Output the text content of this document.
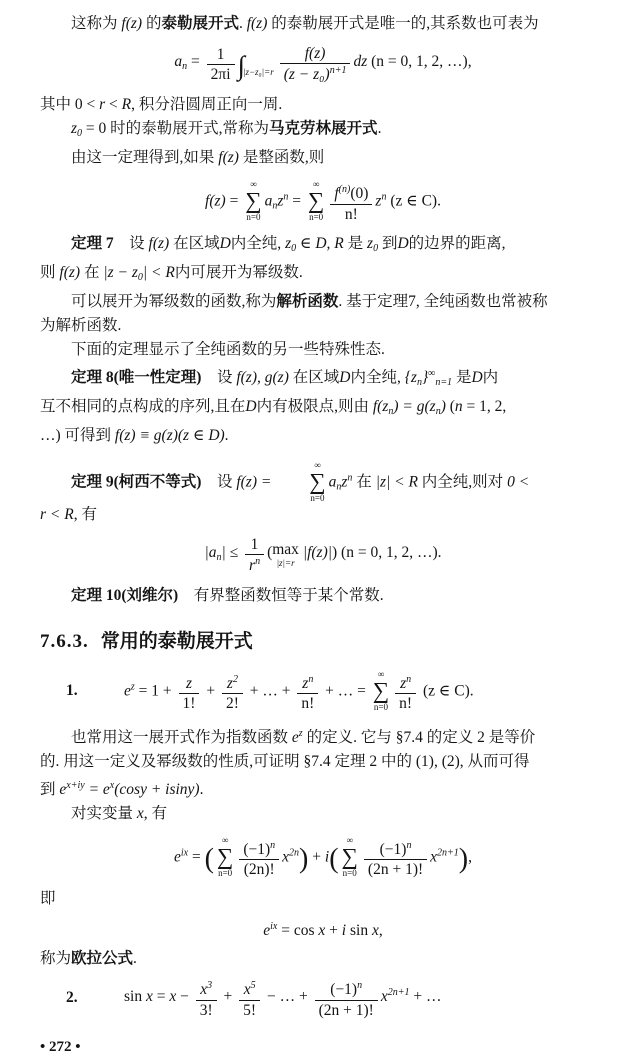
这称为 f(z) 的泰勒展开式. f(z) 的泰勒展开式是唯一的,其系数也可表为
an = $\frac{1}{2\pi i} \int_{|z-z_0|=r} \frac{f(z)}{(z - z_0)^{n+1}}$ dz (n = 0, 1, 2, …),
其中 0 < r < R, 积分沿圆周正向一周.
z0 = 0 时的泰勒展开式,常称为马克劳林展开式.
由这一定理得到,如果 f(z) 是整函数,则
f(z) =
∞
∑
n=0
anz$^n$ =
∞
∑
$n=0 \frac{f^{(n)}(0)}{n!} z^n$ (z ∈ C).
定理 7　设 f(z) 在区域D内全纯, z0 ∈ D, R 是 z0 到D的边界的距离,
则 f(z) 在 |z − z0| < R内可展开为幂级数.
可以展开为幂级数的函数,称为解析函数. 基于定理7, 全纯函数也常被称
为解析函数.
下面的定理显示了全纯函数的另一些特殊性态.
定理 8(唯一性定理)　设 f(z), g(z) 在区域D内全纯, {zn}∞n=1 是D内
互不相同的点构成的序列,且在D内有极限点,则由 f(zn) = g(zn) (n = 1, 2,
…) 可得到 f(z) ≡ g(z)(z ∈ D).
定理 9(柯西不等式)　设 f(z) =
∞
∑
n=0
anz$^n$ 在 |z| < R 内全纯,则对 0 <
r < R, 有
$|an| \le \frac{1}{r^n}$ ( max
|z|=r
|f(z)|) (n = 0, 1, 2, …).
定理 10(刘维尔)　有界整函数恒等于某个常数.
7.6.3. 常用的泰勒展开式
1.	$e^z = 1 + \frac{z}{1!} + \frac{z^2}{2!}$ + … + $\frac{z^n}{n!}$ + … =
∞
∑
$n=0 \frac{z^n}{n!} (z$ ∈ C).
也常用这一展开式作为指数函数 $e^z$ 的定义. 它与 §7.4 的定义 2 是等价
的. 用这一定义及幂级数的性质,可证明 §7.4 定理 2 中的 (1), (2), 从而可得
到 $e^{x+iy} = e^x(\cos y + isiny)$.
对实变量 x, 有
$e^{ix}$ = (
∞
∑
$n=0 \frac{(-1)^n}{(2n)!} x^{2n}) + i$(
∞
∑
$n=0 \frac{(-1)^n}{(2n + 1)!} x^{2n+1}$),
即
$e^{ix} = \cos x + i$ sin x,
称为欧拉公式.
2.	$\sin x = x - \frac{x^3}{3!} + \frac{x^5}{5!}$ − … + $\frac{(-1)^n}{(2n + 1)!} x^{2n+1}$ + …
• 272 •
